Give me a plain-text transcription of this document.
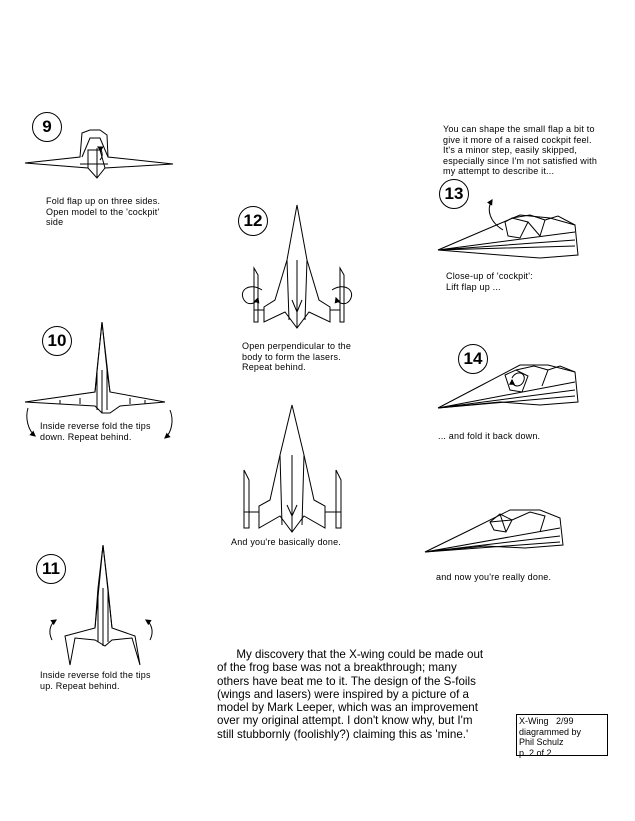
9
10
11
12
13
14
Fold flap up on three sides.
Open model to the 'cockpit'
side
Inside reverse fold the tips
down. Repeat behind.
Inside reverse fold the tips
up. Repeat behind.
Open perpendicular to the
body to form the lasers.
Repeat behind.
Close-up of 'cockpit':
Lift flap up ...
... and fold it back down.
You can shape the small flap a bit to
give it more of a raised cockpit feel.
It's a minor step, easily skipped,
especially since I'm not satisfied with
my attempt to describe it...
And you're basically done.
and now you're really done.
My discovery that the X-wing could be made out
of the frog base was not a breakthrough; many
others have beat me to it. The design of the S-foils
(wings and lasers) were inspired by a picture of a
model by Mark Leeper, which was an improvement
over my original attempt. I don't know why, but I'm
still stubbornly (foolishly?) claiming this as 'mine.'
X-Wing   2/99
diagrammed by
Phil Schulz
p. 2 of 2
